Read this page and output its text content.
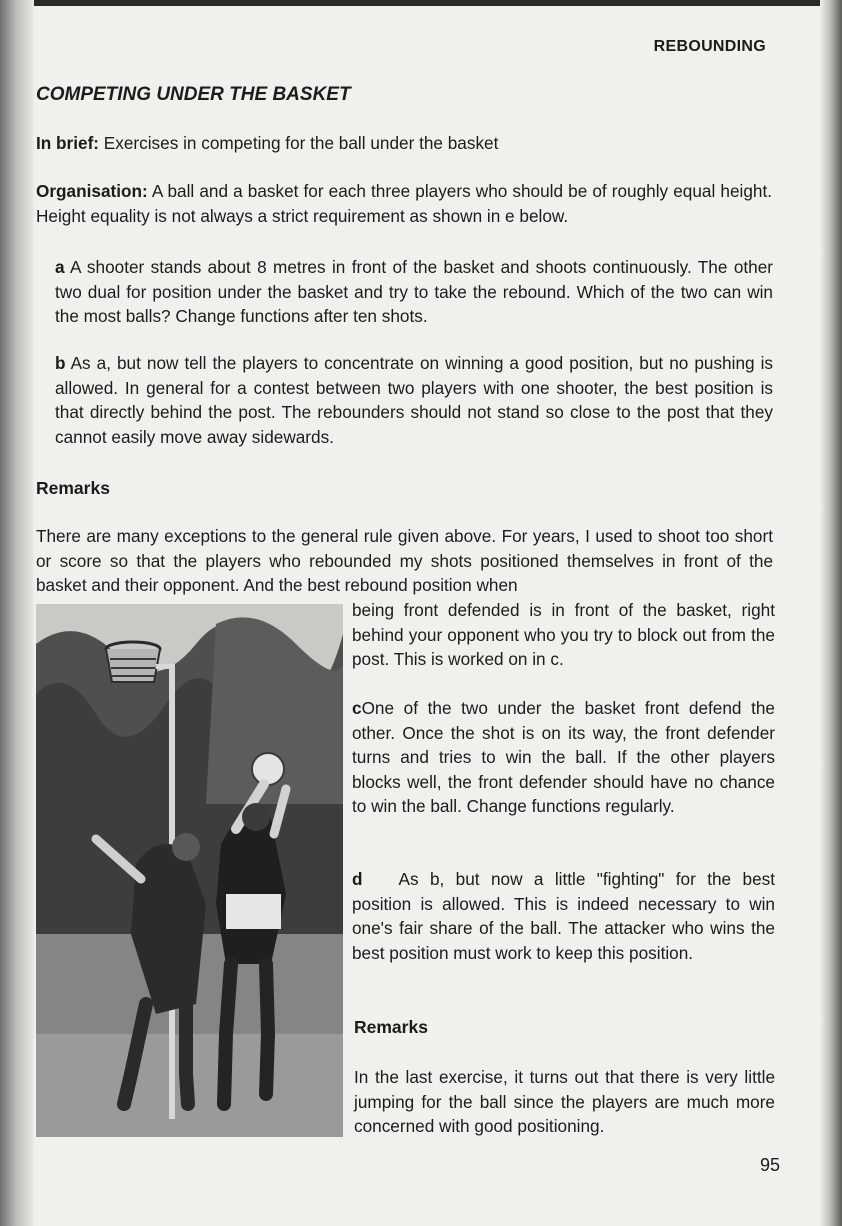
REBOUNDING
COMPETING UNDER THE BASKET

In brief: Exercises in competing for the ball under the basket

Organisation: A ball and a basket for each three players who should be of roughly equal height. Height equality is not always a strict requirement as shown in e below.

a A shooter stands about 8 metres in front of the basket and shoots continuously. The other two dual for position under the basket and try to take the rebound. Which of the two can win the most balls? Change functions after ten shots.

b As a, but now tell the players to concentrate on winning a good position, but no pushing is allowed. In general for a contest between two players with one shooter, the best position is that directly behind the post. The rebounders should not stand so close to the post that they cannot easily move away sidewards.

Remarks

There are many exceptions to the general rule given above. For years, I used to shoot too short or score so that the players who rebounded my shots positioned themselves in front of the basket and their opponent. And the best rebound position when

being front defended is in front of the basket, right behind your opponent who you try to block out from the post. This is worked on in c.

cOne of the two under the basket front defend the other. Once the shot is on its way, the front defender turns and tries to win the ball. If the other players blocks well, the front defender should have no chance to win the ball. Change functions regularly.

d As b, but now a little "fighting" for the best position is allowed. This is indeed necessary to win one's fair share of the ball. The attacker who wins the best position must work to keep this position.

Remarks

In the last exercise, it turns out that there is very little jumping for the ball since the players are much more concerned with good positioning.

95
